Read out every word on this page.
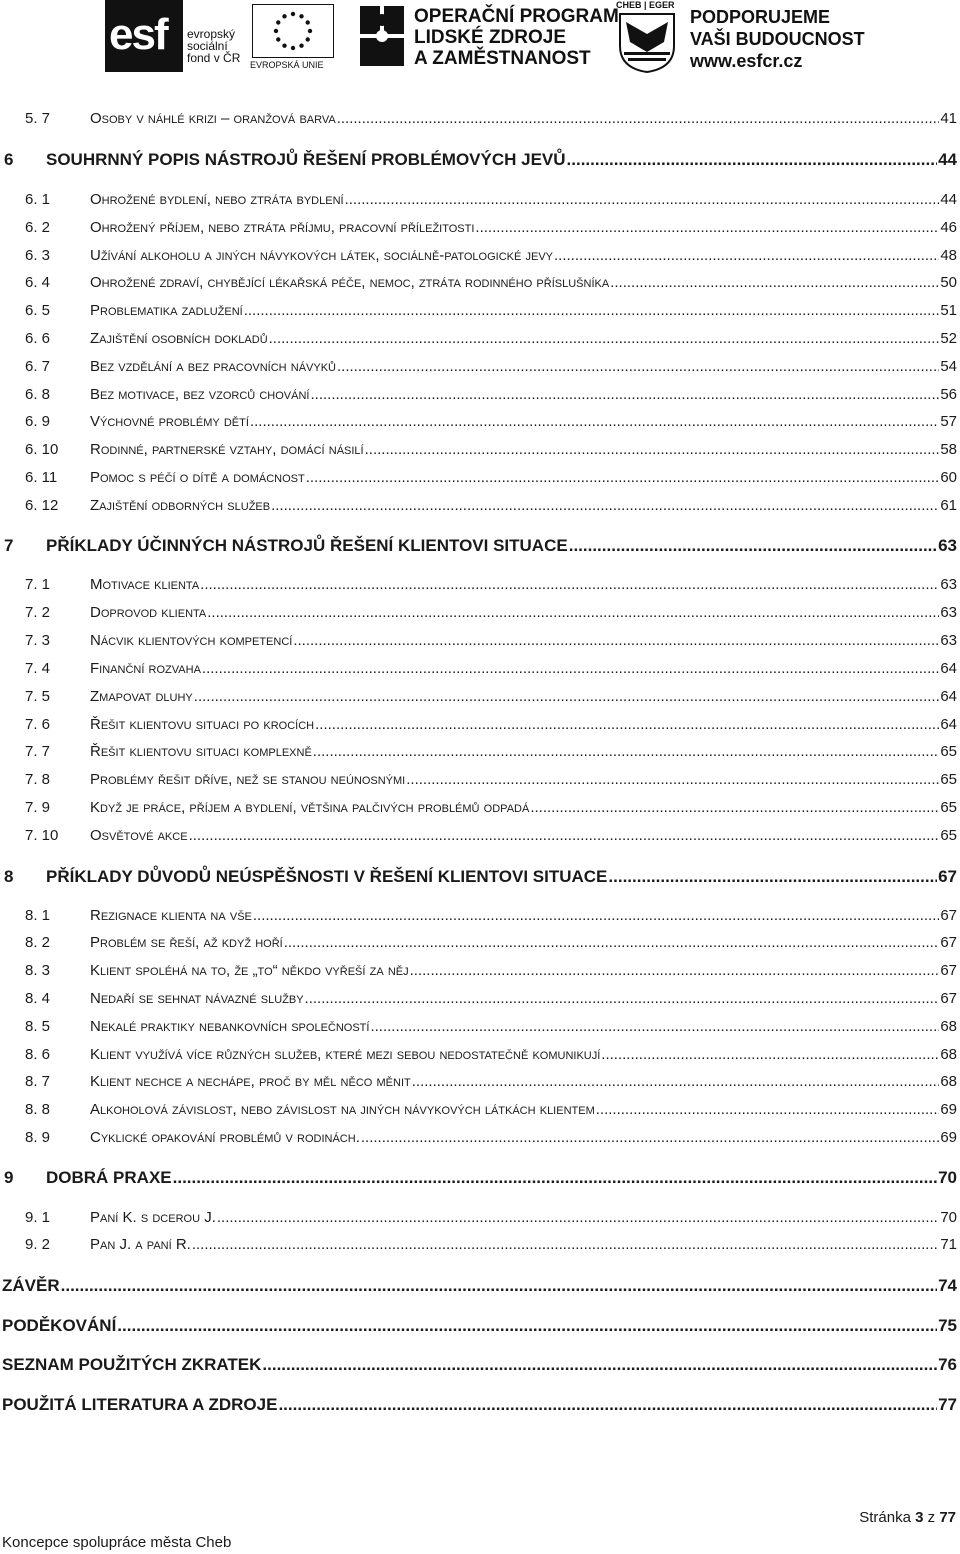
esf evropský
sociální
fond v ČR EVROPSKÁ UNIE
OPERAČNÍ PROGRAM
LIDSKÉ ZDROJE
A ZAMĚSTNANOST
CHEB | EGER
PODPORUJEME
VAŠI BUDOUCNOST
www.esfcr.cz
5. 7	Osoby v náhlé krizi – oranžová barva .....	41
6	SOUHRNNÝ POPIS NÁSTROJŮ ŘEŠENÍ PROBLÉMOVÝCH JEVŮ .....	44
6. 1	Ohrožené bydlení, nebo ztráta bydlení .....	44
6. 2	Ohrožený příjem, nebo ztráta příjmu, pracovní příležitosti .....	46
6. 3	Užívání alkoholu a jiných návykových látek, sociálně-patologické jevy .....	48
6. 4	Ohrožené zdraví, chybějící lékařská péče, nemoc, ztráta rodinného příslušníka .....	50
6. 5	Problematika zadlužení .....	51
6. 6	Zajištění osobních dokladů .....	52
6. 7	Bez vzdělání a bez pracovních návyků .....	54
6. 8	Bez motivace, bez vzorců chování .....	56
6. 9	Výchovné problémy dětí .....	57
6. 10	Rodinné, partnerské vztahy, domácí násilí .....	58
6. 11	Pomoc s péčí o dítě a domácnost .....	60
6. 12	Zajištění odborných služeb .....	61
7	PŘÍKLADY ÚČINNÝCH NÁSTROJŮ ŘEŠENÍ KLIENTOVI SITUACE .....	63
7. 1	Motivace klienta .....	63
7. 2	Doprovod klienta .....	63
7. 3	Nácvik klientových kompetencí .....	63
7. 4	Finanční rozvaha .....	64
7. 5	Zmapovat dluhy .....	64
7. 6	Řešit klientovu situaci po krocích .....	64
7. 7	Řešit klientovu situaci komplexně .....	65
7. 8	Problémy řešit dříve, než se stanou neúnosnými .....	65
7. 9	Když je práce, příjem a bydlení, většina palčivých problémů odpadá .....	65
7. 10	Osvětové akce .....	65
8	PŘÍKLADY DŮVODŮ NEÚSPĚŠNOSTI V ŘEŠENÍ KLIENTOVI SITUACE .....	67
8. 1	Rezignace klienta na vše .....	67
8. 2	Problém se řeší, až když hoří .....	67
8. 3	Klient spoléhá na to, že „to“ někdo vyřeší za něj .....	67
8. 4	Nedaří se sehnat návazné služby .....	67
8. 5	Nekalé praktiky nebankovních společností .....	68
8. 6	Klient využívá více různých služeb, které mezi sebou nedostatečně komunikují .....	68
8. 7	Klient nechce a nechápe, proč by měl něco měnit .....	68
8. 8	Alkoholová závislost, nebo závislost na jiných návykových látkách klientem .....	69
8. 9	Cyklické opakování problémů v rodinách. .....	69
9	DOBRÁ PRAXE .....	70
9. 1	Paní K. s dcerou J. .....	70
9. 2	Pan J. a paní R. .....	71
ZÁVĚR .....	74
PODĚKOVÁNÍ .....	75
SEZNAM POUŽITÝCH ZKRATEK .....	76
POUŽITÁ LITERATURA A ZDROJE .....	77
Stránka 3 z 77
Koncepce spolupráce města Cheb
